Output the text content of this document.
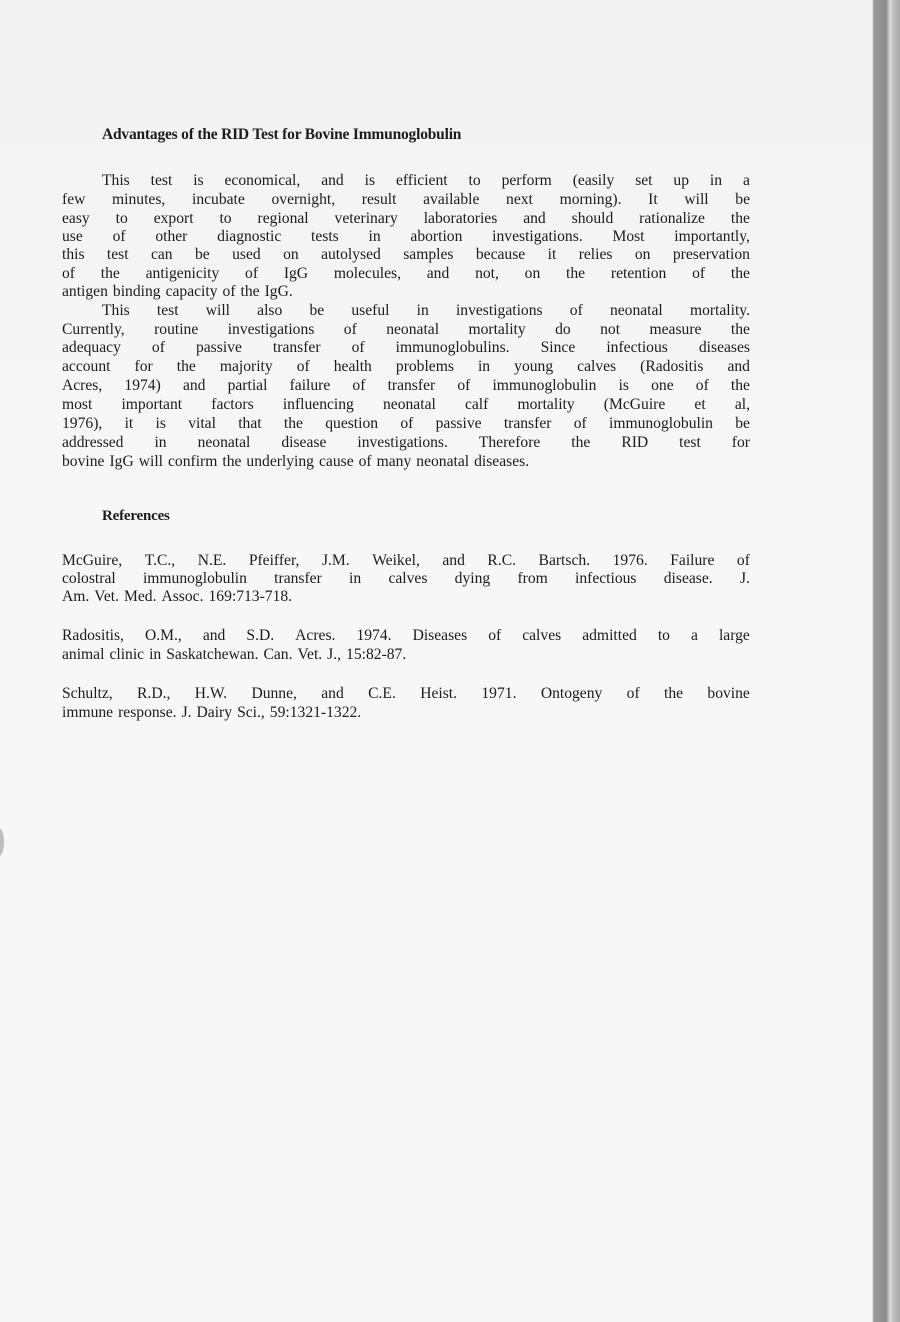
Advantages of the RID Test for Bovine Immunoglobulin
This test is economical, and is efficient to perform (easily set up in a
few minutes, incubate overnight, result available next morning). It will be
easy to export to regional veterinary laboratories and should rationalize the
use of other diagnostic tests in abortion investigations. Most importantly,
this test can be used on autolysed samples because it relies on preservation
of the antigenicity of IgG molecules, and not, on the retention of the
antigen binding capacity of the IgG.
This test will also be useful in investigations of neonatal mortality.
Currently, routine investigations of neonatal mortality do not measure the
adequacy of passive transfer of immunoglobulins. Since infectious diseases
account for the majority of health problems in young calves (Radositis and
Acres, 1974) and partial failure of transfer of immunoglobulin is one of the
most important factors influencing neonatal calf mortality (McGuire et al,
1976), it is vital that the question of passive transfer of immunoglobulin be
addressed in neonatal disease investigations. Therefore the RID test for
bovine IgG will confirm the underlying cause of many neonatal diseases.
References
McGuire, T.C., N.E. Pfeiffer, J.M. Weikel, and R.C. Bartsch. 1976. Failure of
colostral immunoglobulin transfer in calves dying from infectious disease. J.
Am. Vet. Med. Assoc. 169:713-718.
Radositis, O.M., and S.D. Acres. 1974. Diseases of calves admitted to a large
animal clinic in Saskatchewan. Can. Vet. J., 15:82-87.
Schultz, R.D., H.W. Dunne, and C.E. Heist. 1971. Ontogeny of the bovine
immune response. J. Dairy Sci., 59:1321-1322.
